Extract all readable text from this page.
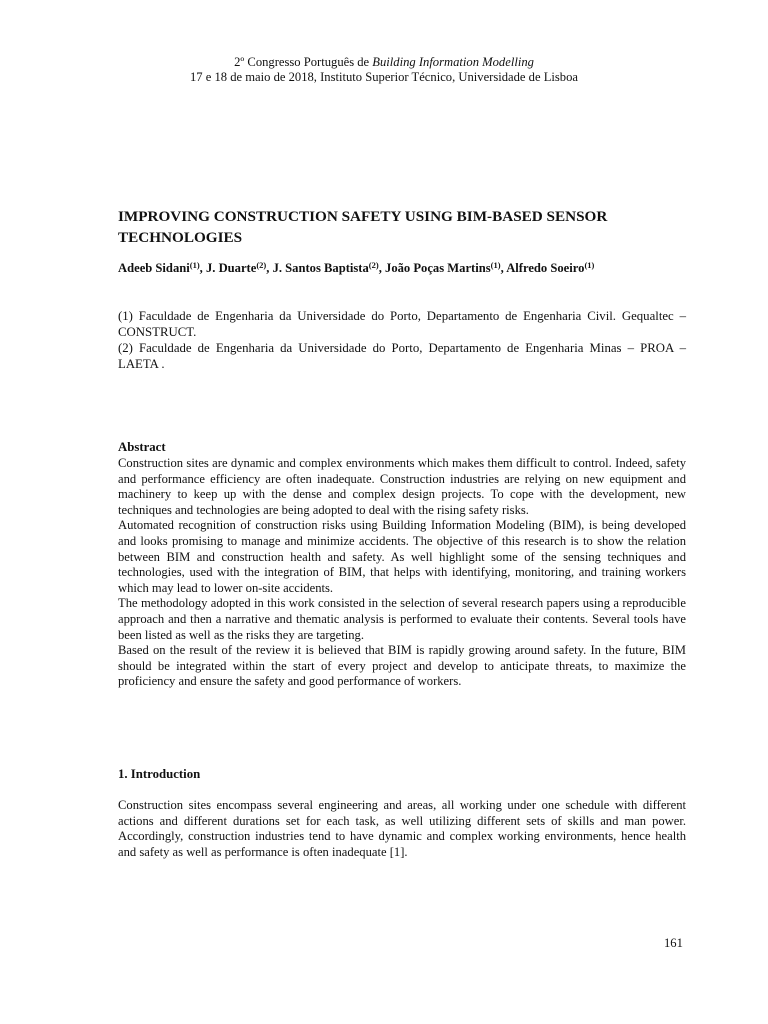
2º Congresso Português de Building Information Modelling
17 e 18 de maio de 2018, Instituto Superior Técnico, Universidade de Lisboa
IMPROVING CONSTRUCTION SAFETY USING BIM-BASED SENSOR TECHNOLOGIES
Adeeb Sidani$^{(1)}$, J. Duarte$^{(2)}$, J. Santos Baptista$^{(2)}$, João Poças Martins$^{(1)}$, Alfredo Soeiro$^{(1)}$

(1) Faculdade de Engenharia da Universidade do Porto, Departamento de Engenharia Civil. Gequaltec – CONSTRUCT.

(2) Faculdade de Engenharia da Universidade do Porto, Departamento de Engenharia Minas – PROA – LAETA .

Abstract

Construction sites are dynamic and complex environments which makes them difficult to control. Indeed, safety and performance efficiency are often inadequate. Construction industries are relying on new equipment and machinery to keep up with the dense and complex design projects. To cope with the development, new techniques and technologies are being adopted to deal with the rising safety risks.

Automated recognition of construction risks using Building Information Modeling (BIM), is being developed and looks promising to manage and minimize accidents. The objective of this research is to show the relation between BIM and construction health and safety. As well highlight some of the sensing techniques and technologies, used with the integration of BIM, that helps with identifying, monitoring, and training workers which may lead to lower on-site accidents.

The methodology adopted in this work consisted in the selection of several research papers using a reproducible approach and then a narrative and thematic analysis is performed to evaluate their contents. Several tools have been listed as well as the risks they are targeting.

Based on the result of the review it is believed that BIM is rapidly growing around safety. In the future, BIM should be integrated within the start of every project and develop to anticipate threats, to maximize the proficiency and ensure the safety and good performance of workers.

1. Introduction

Construction sites encompass several engineering and areas, all working under one schedule with different actions and different durations set for each task, as well utilizing different sets of skills and man power. Accordingly, construction industries tend to have dynamic and complex working environments, hence health and safety as well as performance is often inadequate [1].

161
